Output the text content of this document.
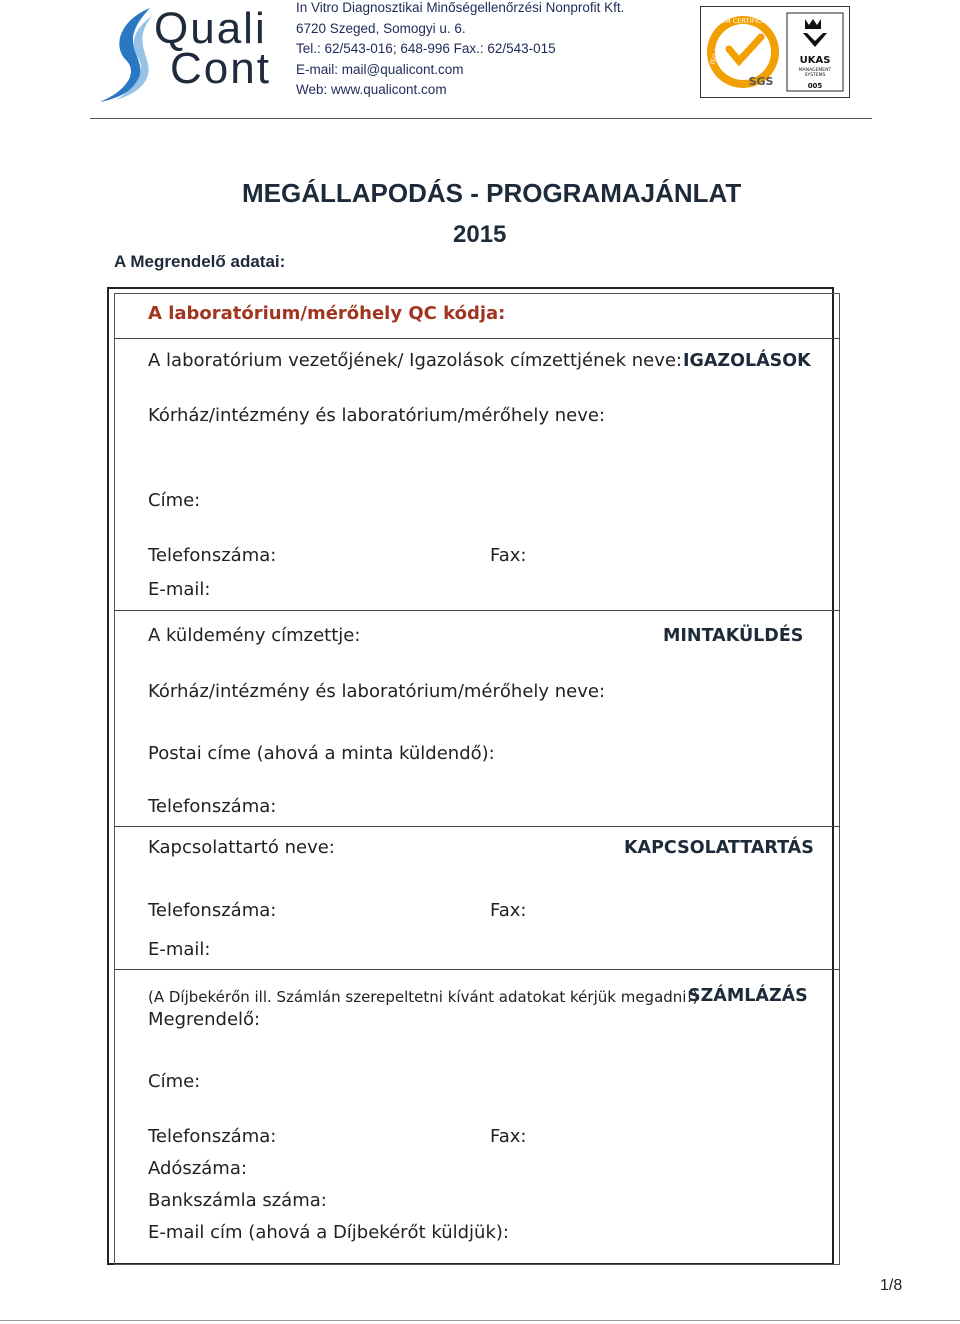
Quali
Cont
In Vitro Diagnosztikai Minőségellenőrzési Nonprofit Kft.
6720 Szeged, Somogyi u. 6.
Tel.: 62/543-016; 648-996 Fax.: 62/543-015
E-mail: mail@qualicont.com
Web: www.qualicont.com
SYSTEM CERTIFICATION
ISO 9001
SGS
UKAS
MANAGEMENT
SYSTEMS
005
MEGÁLLAPODÁS - PROGRAMAJÁNLAT
2015
A Megrendelő adatai:
A laboratórium/mérőhely QC kódja:
A laboratórium vezetőjének/ Igazolások címzettjének neve: IGAZOLÁSOK
Kórház/intézmény és laboratórium/mérőhely neve:
Címe:
Telefonszáma:	Fax:
E-mail:
A küldemény címzettje:	MINTAKÜLDÉS
Kórház/intézmény és laboratórium/mérőhely neve:
Postai címe (ahová a minta küldendő):
Telefonszáma:
Kapcsolattartó neve:	KAPCSOLATTARTÁS
Telefonszáma:	Fax:
E-mail:
(A Díjbekérőn ill. Számlán szerepeltetni kívánt adatokat kérjük megadni!)
SZÁMLÁZÁS
Megrendelő:
Címe:
Telefonszáma:	Fax:
Adószáma:
Bankszámla száma:
E-mail cím (ahová a Díjbekérőt küldjük):
1/8
